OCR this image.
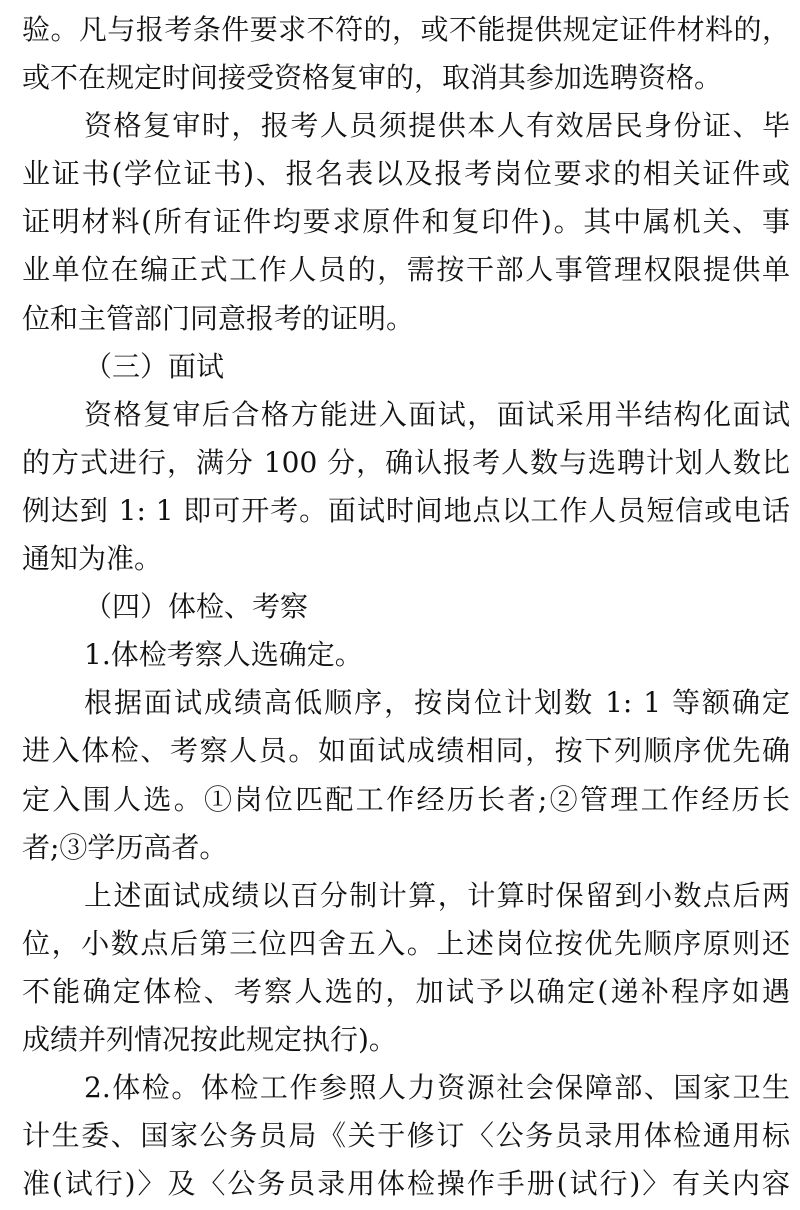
验。凡与报考条件要求不符的，或不能提供规定证件材料的，
或不在规定时间接受资格复审的，取消其参加选聘资格。
资格复审时，报考人员须提供本人有效居民身份证、毕
业证书(学位证书)、报名表以及报考岗位要求的相关证件或
证明材料(所有证件均要求原件和复印件)。其中属机关、事
业单位在编正式工作人员的，需按干部人事管理权限提供单
位和主管部门同意报考的证明。
（三）面试
资格复审后合格方能进入面试，面试采用半结构化面试
的方式进行，满分 100 分，确认报考人数与选聘计划人数比
例达到 1: 1 即可开考。面试时间地点以工作人员短信或电话
通知为准。
（四）体检、考察
1.体检考察人选确定。
根据面试成绩高低顺序，按岗位计划数 1: 1 等额确定
进入体检、考察人员。如面试成绩相同，按下列顺序优先确
定入围人选。①岗位匹配工作经历长者;②管理工作经历长
者;③学历高者。
上述面试成绩以百分制计算，计算时保留到小数点后两
位，小数点后第三位四舍五入。上述岗位按优先顺序原则还
不能确定体检、考察人选的，加试予以确定(递补程序如遇
成绩并列情况按此规定执行)。
2.体检。体检工作参照人力资源社会保障部、国家卫生
计生委、国家公务员局《关于修订〈公务员录用体检通用标
准(试行)〉及〈公务员录用体检操作手册(试行)〉有关内容
